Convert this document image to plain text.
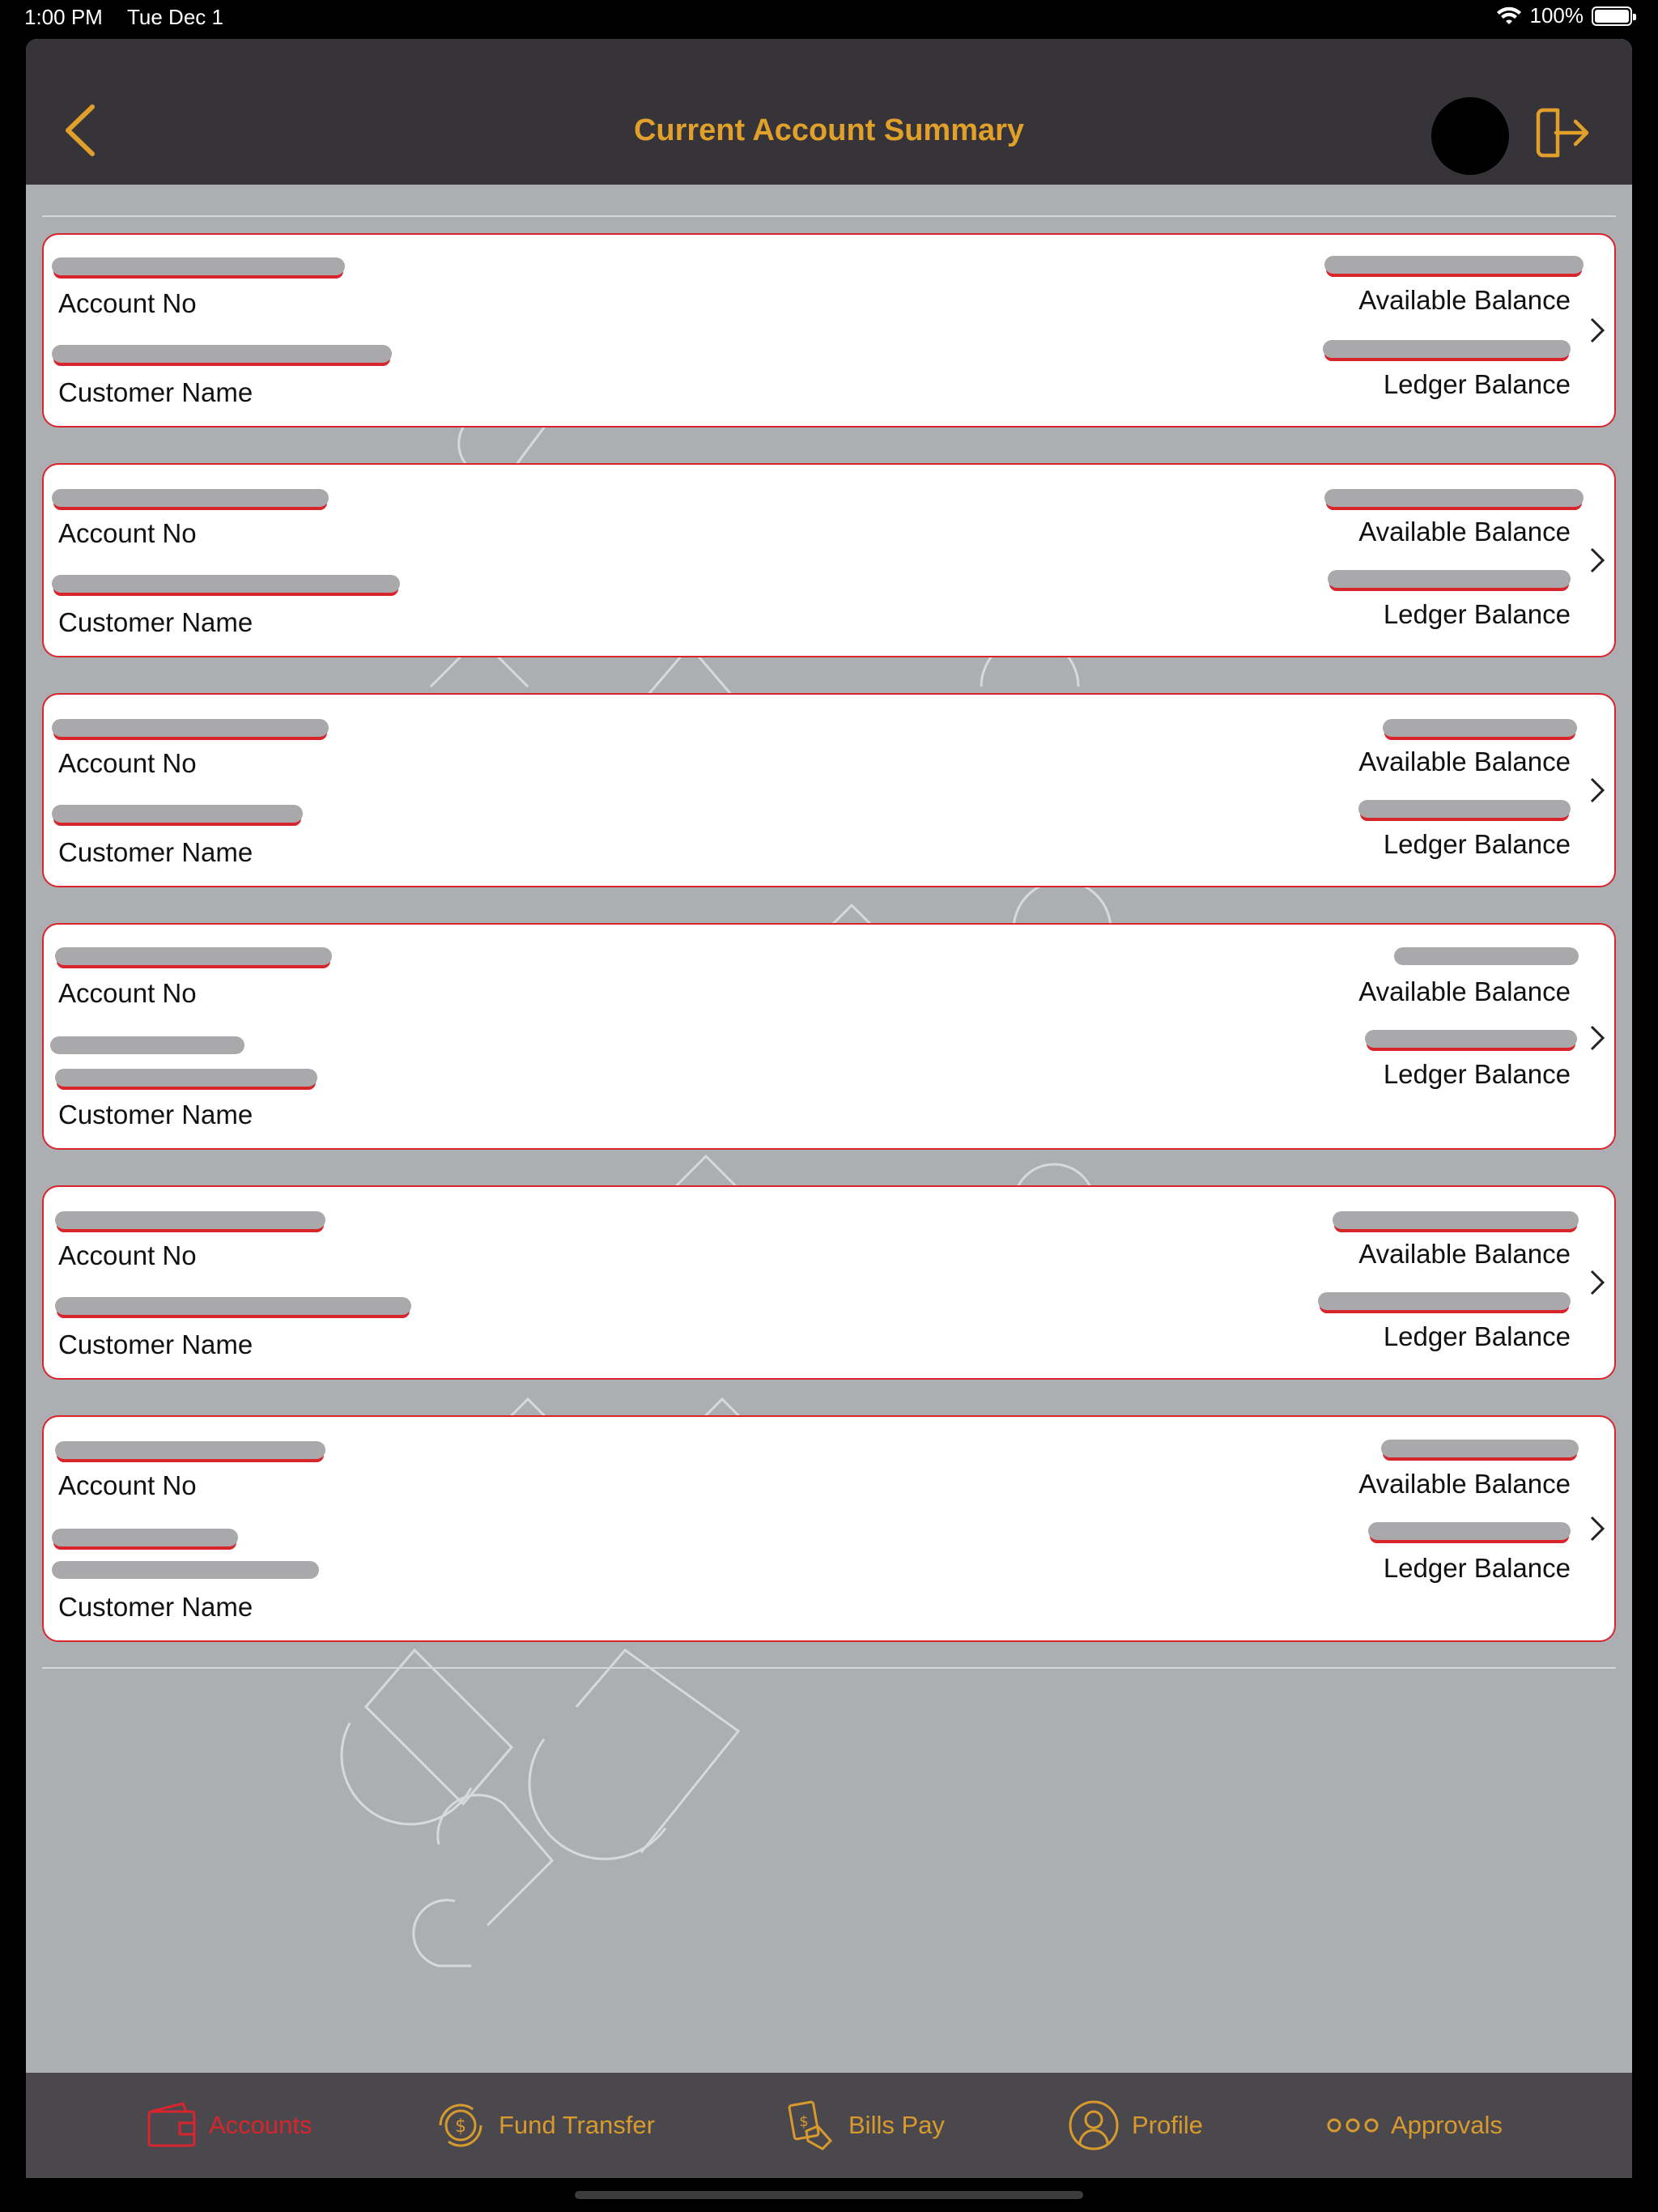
1:00 PM Tue Dec 1	100%
Current Account Summary
Account No
Customer Name
Available Balance
Ledger Balance
Account No
Customer Name
Available Balance
Ledger Balance
Account No
Customer Name
Available Balance
Ledger Balance
Account No
Customer Name
Available Balance
Ledger Balance
Account No
Customer Name
Available Balance
Ledger Balance
Account No
Customer Name
Available Balance
Ledger Balance
Accounts	$ Fund Transfer	$ Bills Pay	Profile	Approvals
